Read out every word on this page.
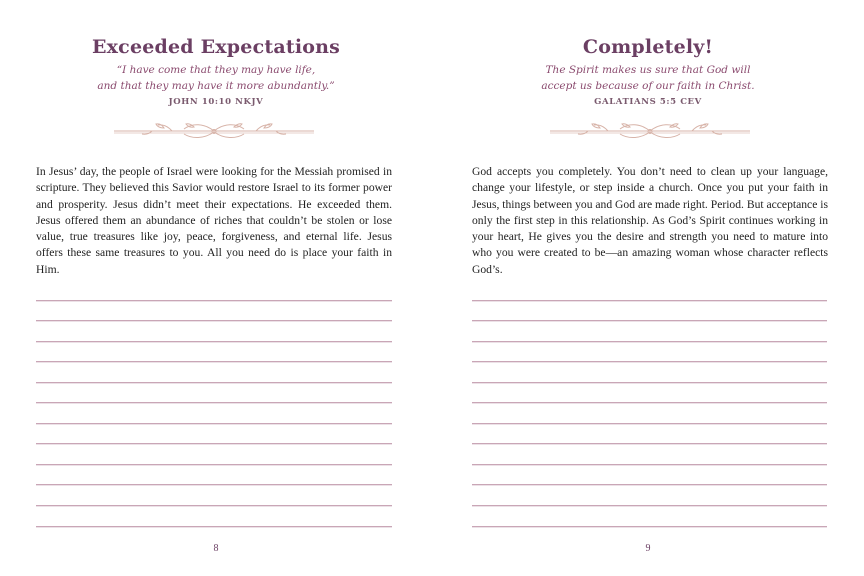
Exceeded Expectations
“I have come that they may have life,
and that they may have it more abundantly.”
JOHN 10:10 NKJV
In Jesus’ day, the people of Israel were looking for the Messiah promised in scripture. They believed this Savior would restore Israel to its former power and prosperity. Jesus didn’t meet their expectations. He exceeded them. Jesus offered them an abundance of riches that couldn’t be stolen or lose value, true treasures like joy, peace, forgiveness, and eternal life. Jesus offers these same treasures to you. All you need do is place your faith in Him.
8
Completely!
The Spirit makes us sure that God will
accept us because of our faith in Christ.
GALATIANS 5:5 CEV
God accepts you completely. You don’t need to clean up your language, change your lifestyle, or step inside a church. Once you put your faith in Jesus, things between you and God are made right. Period. But acceptance is only the first step in this relationship. As God’s Spirit continues working in your heart, He gives you the desire and strength you need to mature into who you were created to be—an amazing woman whose character reflects God’s.
9
